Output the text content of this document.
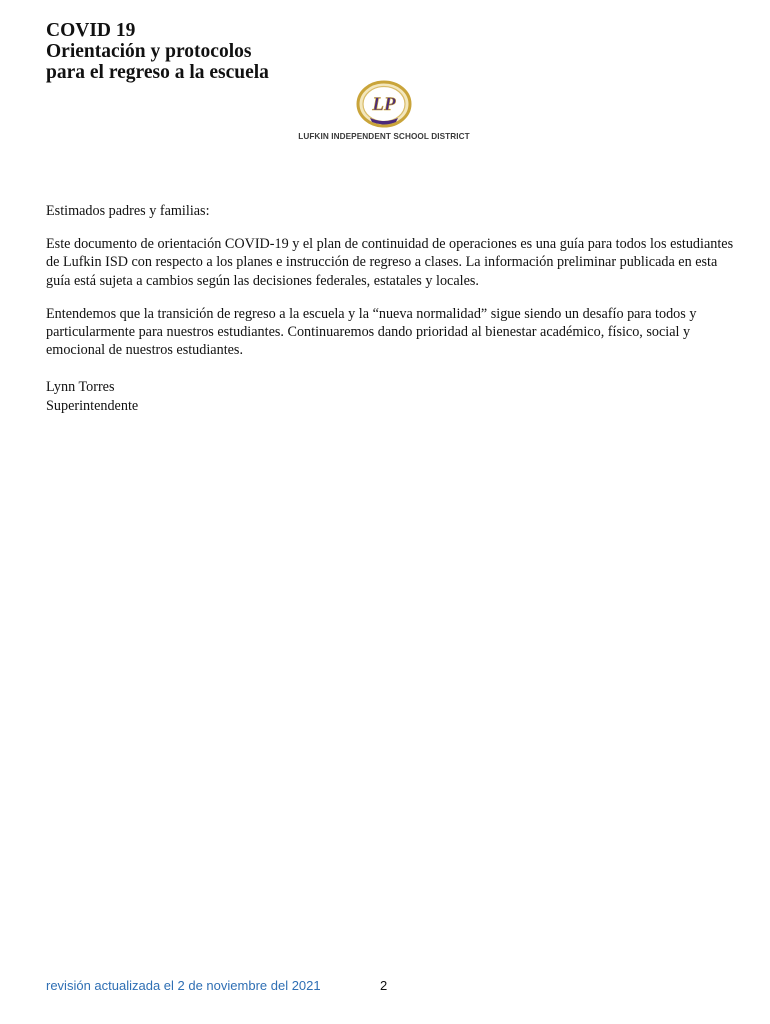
COVID 19
Orientación y protocolos
para el regreso a la escuela
LP
LUFKIN INDEPENDENT SCHOOL DISTRICT

Estimados padres y familias:

Este documento de orientación COVID-19 y el plan de continuidad de operaciones es una guía para todos los estudiantes de Lufkin ISD con respecto a los planes e instrucción de regreso a clases. La información preliminar publicada en esta guía está sujeta a cambios según las decisiones federales, estatales y locales.

Entendemos que la transición de regreso a la escuela y la “nueva normalidad” sigue siendo un desafío para todos y particularmente para nuestros estudiantes. Continuaremos dando prioridad al bienestar académico, físico, social y emocional de nuestros estudiantes.

Lynn Torres
Superintendente
revisión actualizada el 2 de noviembre del 2021	2
